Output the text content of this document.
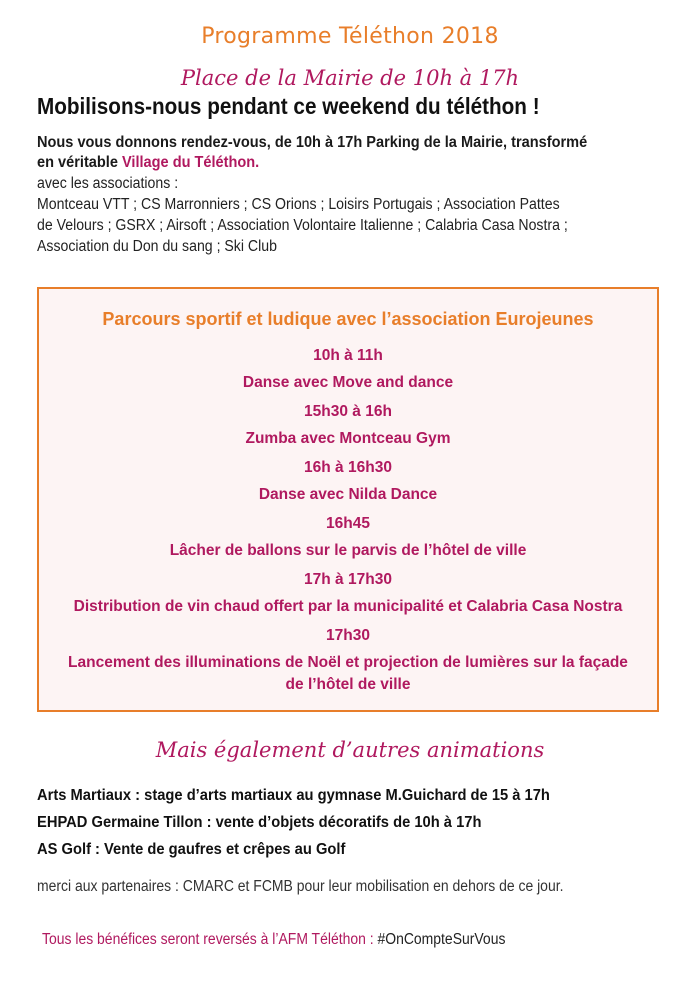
Programme Téléthon 2018
Place de la Mairie de 10h à 17h
Mobilisons-nous pendant ce weekend du téléthon !
Nous vous donnons rendez-vous, de 10h à 17h Parking de la Mairie, transformé
en véritable Village du Téléthon.
avec les associations :
Montceau VTT ; CS Marronniers ; CS Orions ; Loisirs Portugais ; Association Pattes
de Velours ; GSRX ; Airsoft ; Association Volontaire Italienne ; Calabria Casa Nostra ;
Association du Don du sang ; Ski Club
Parcours sportif et ludique avec l’association Eurojeunes
10h à 11h
Danse avec Move and dance
15h30 à 16h
Zumba avec Montceau Gym
16h à 16h30
Danse avec Nilda Dance
16h45
Lâcher de ballons sur le parvis de l’hôtel de ville
17h à 17h30
Distribution de vin chaud offert par la municipalité et Calabria Casa Nostra
17h30
Lancement des illuminations de Noël et projection de lumières sur la façade
de l’hôtel de ville
Mais également d’autres animations
Arts Martiaux : stage d’arts martiaux au gymnase M.Guichard de 15 à 17h
EHPAD Germaine Tillon : vente d’objets décoratifs de 10h à 17h
AS Golf : Vente de gaufres et crêpes au Golf
merci aux partenaires : CMARC et FCMB pour leur mobilisation en dehors de ce jour.
Tous les bénéfices seront reversés à l’AFM Téléthon : #OnCompteSurVous
